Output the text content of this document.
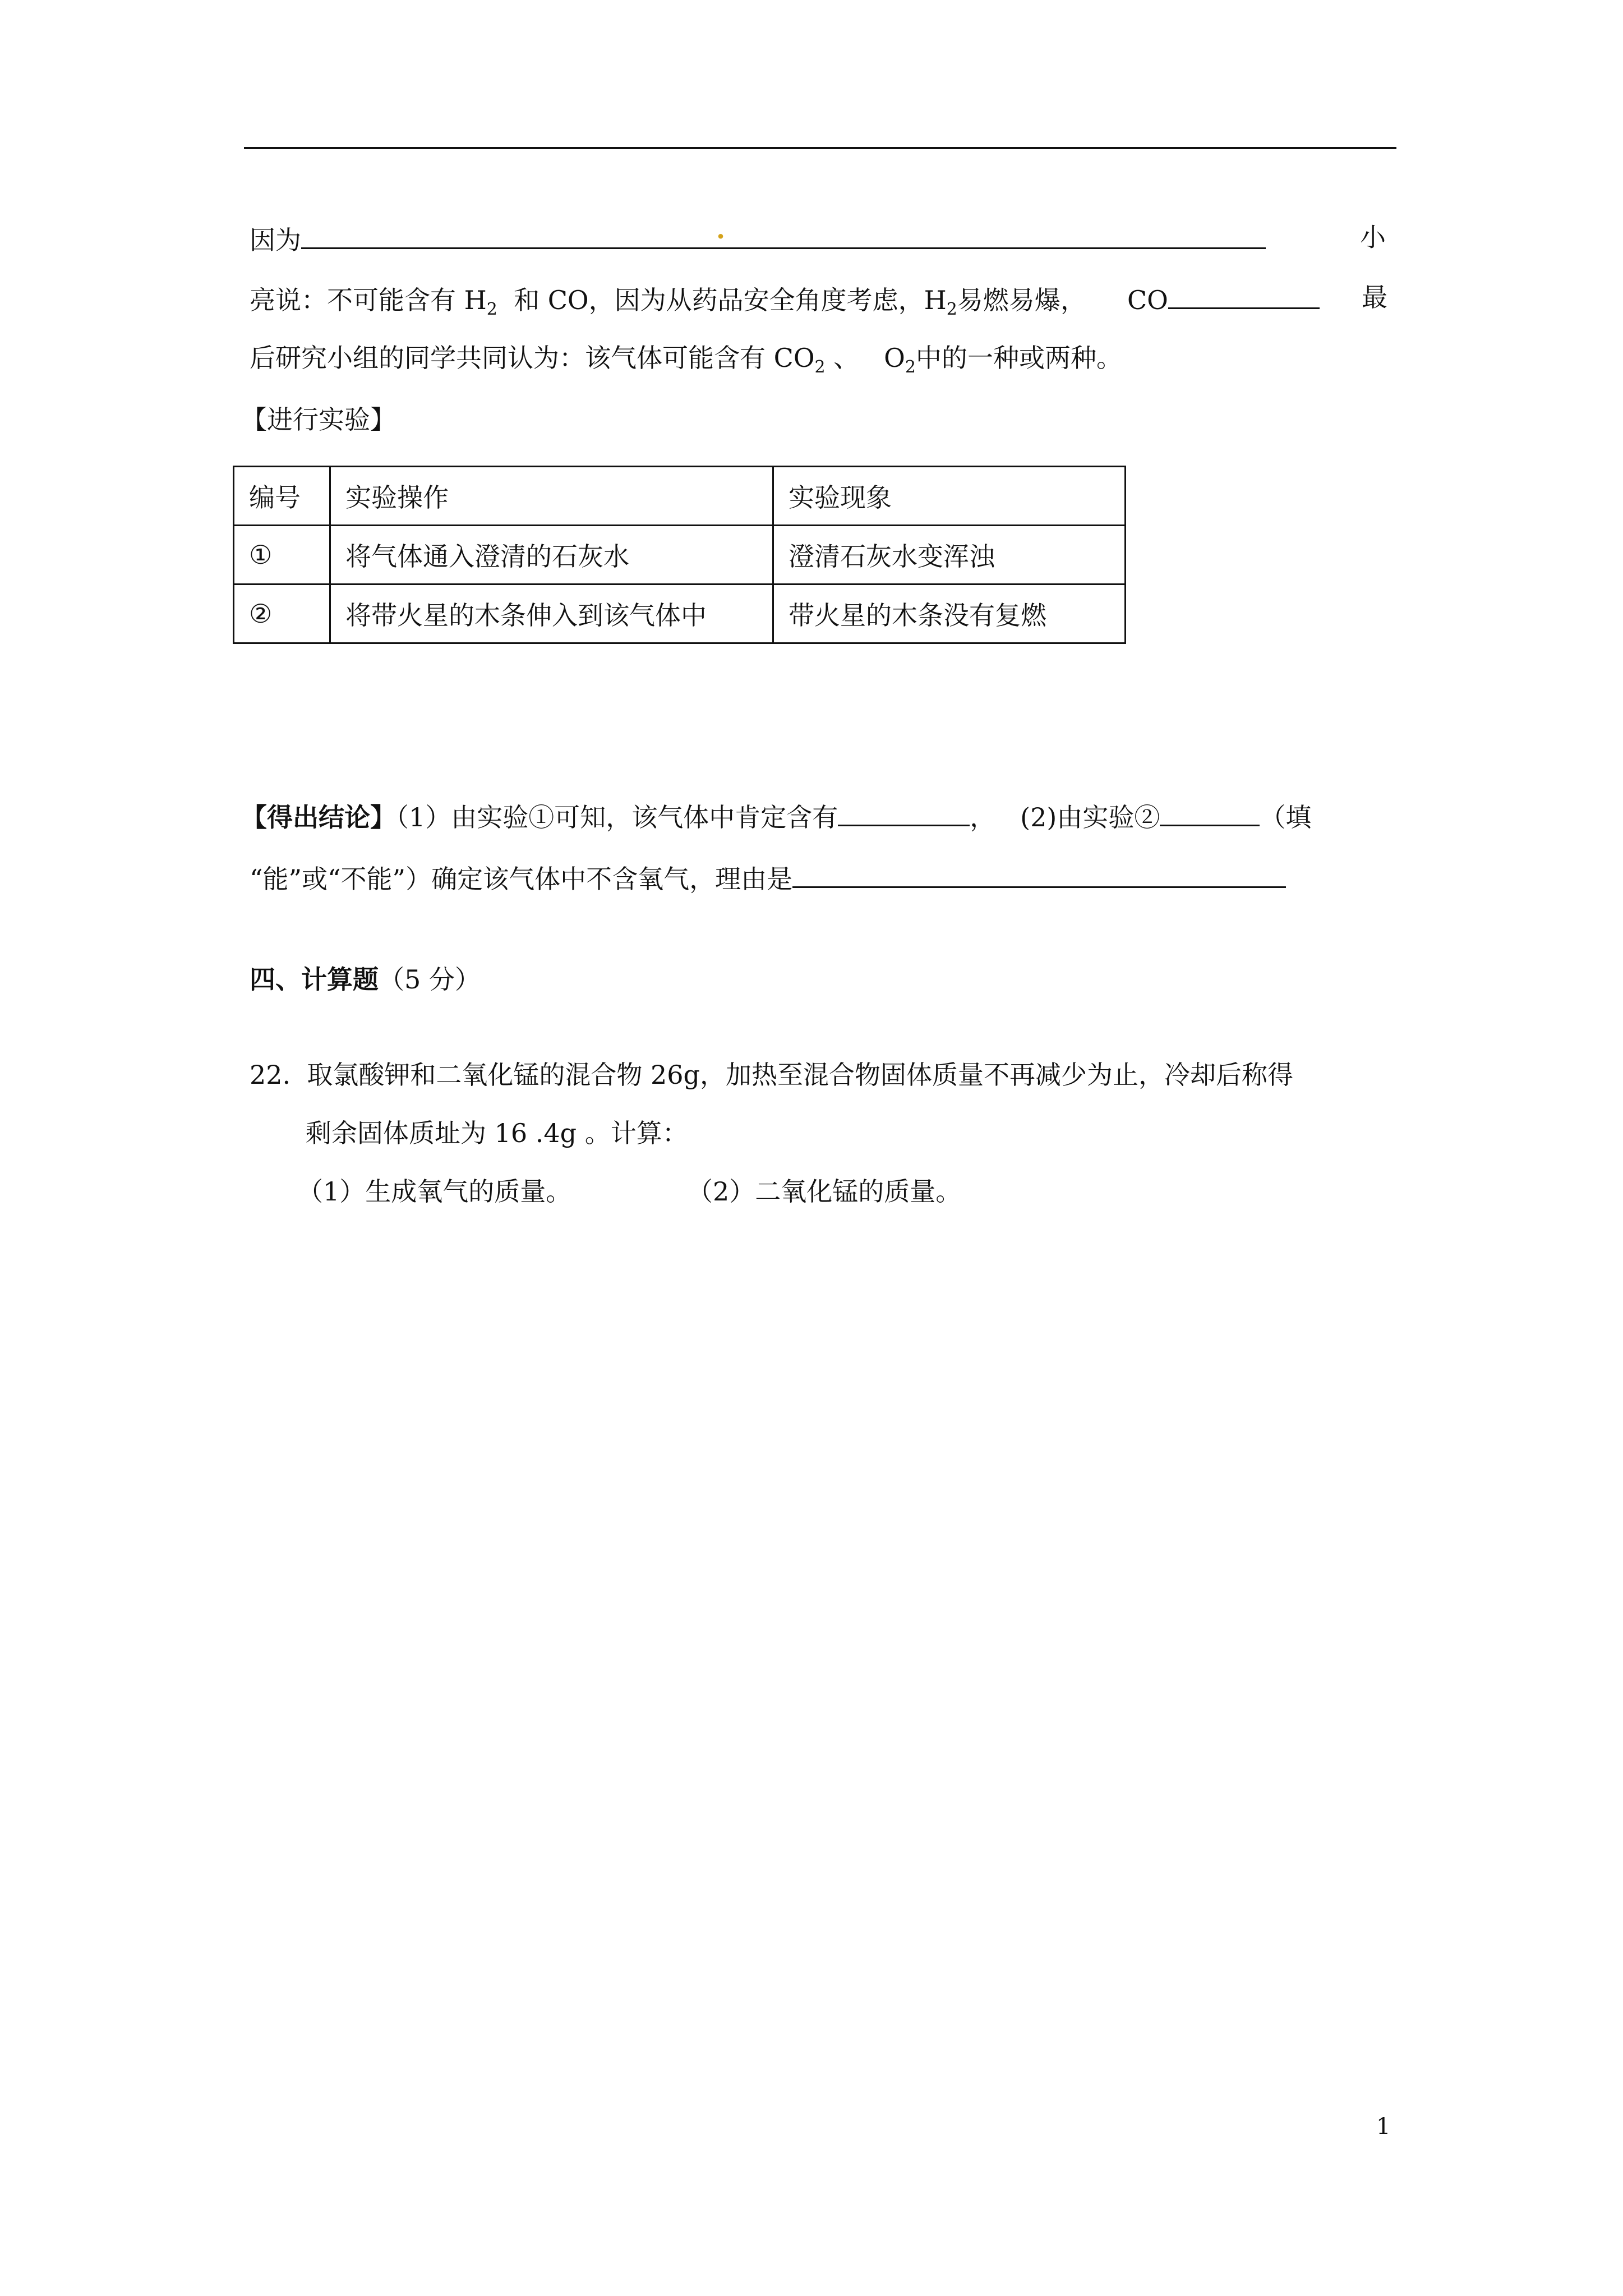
因为	.	小
亮说：不可能含有 $H_2$ 和 CO，因为从药品安全角度考虑，$H_2$易燃易爆， CO	最
后研究小组的同学共同认为：该气体可能含有 $CO_2$ 、 $O_2$中的一种或两种。
【进行实验】
编号	实验操作	实验现象
①	将气体通入澄清的石灰水	澄清石灰水变浑浊
②	将带火星的木条伸入到该气体中	带火星的木条没有复燃
【得出结论】（1）由实验①可知，该气体中肯定含有	， (2)由实验②	（填
“能”或“不能”）确定该气体中不含氧气，理由是
四、计算题（5 分）
22. 取氯酸钾和二氧化锰的混合物 26g，加热至混合物固体质量不再减少为止，冷却后称得
剩余固体质址为 16 .4g 。计算：
（1）生成氧气的质量。	（2）二氧化锰的质量。
1
